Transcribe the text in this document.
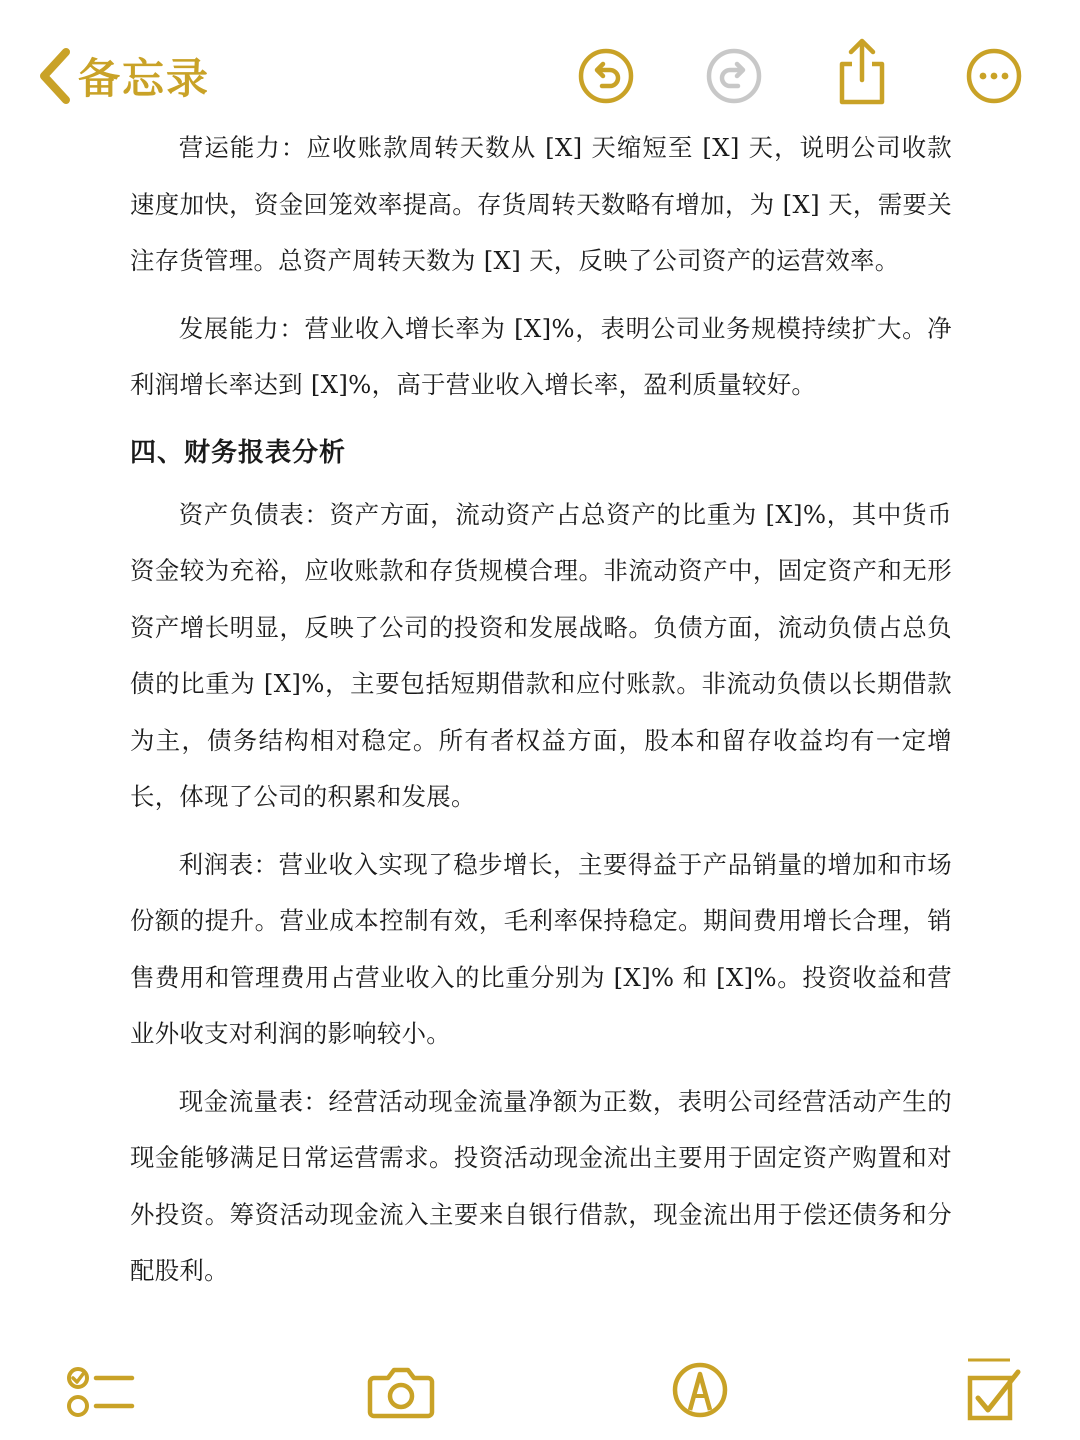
备忘录

营运能力：应收账款周转天数从 [X] 天缩短至 [X] 天，说明公司收款速度加快，资金回笼效率提高。存货周转天数略有增加，为 [X] 天，需要关注存货管理。总资产周转天数为 [X] 天，反映了公司资产的运营效率。

发展能力：营业收入增长率为 [X]%，表明公司业务规模持续扩大。净利润增长率达到 [X]%，高于营业收入增长率，盈利质量较好。

四、财务报表分析

资产负债表：资产方面，流动资产占总资产的比重为 [X]%，其中货币资金较为充裕，应收账款和存货规模合理。非流动资产中，固定资产和无形资产增长明显，反映了公司的投资和发展战略。负债方面，流动负债占总负债的比重为 [X]%，主要包括短期借款和应付账款。非流动负债以长期借款为主，债务结构相对稳定。所有者权益方面，股本和留存收益均有一定增长，体现了公司的积累和发展。

利润表：营业收入实现了稳步增长，主要得益于产品销量的增加和市场份额的提升。营业成本控制有效，毛利率保持稳定。期间费用增长合理，销售费用和管理费用占营业收入的比重分别为 [X]% 和 [X]%。投资收益和营业外收支对利润的影响较小。

现金流量表：经营活动现金流量净额为正数，表明公司经营活动产生的现金能够满足日常运营需求。投资活动现金流出主要用于固定资产购置和对外投资。筹资活动现金流入主要来自银行借款，现金流出用于偿还债务和分配股利。
